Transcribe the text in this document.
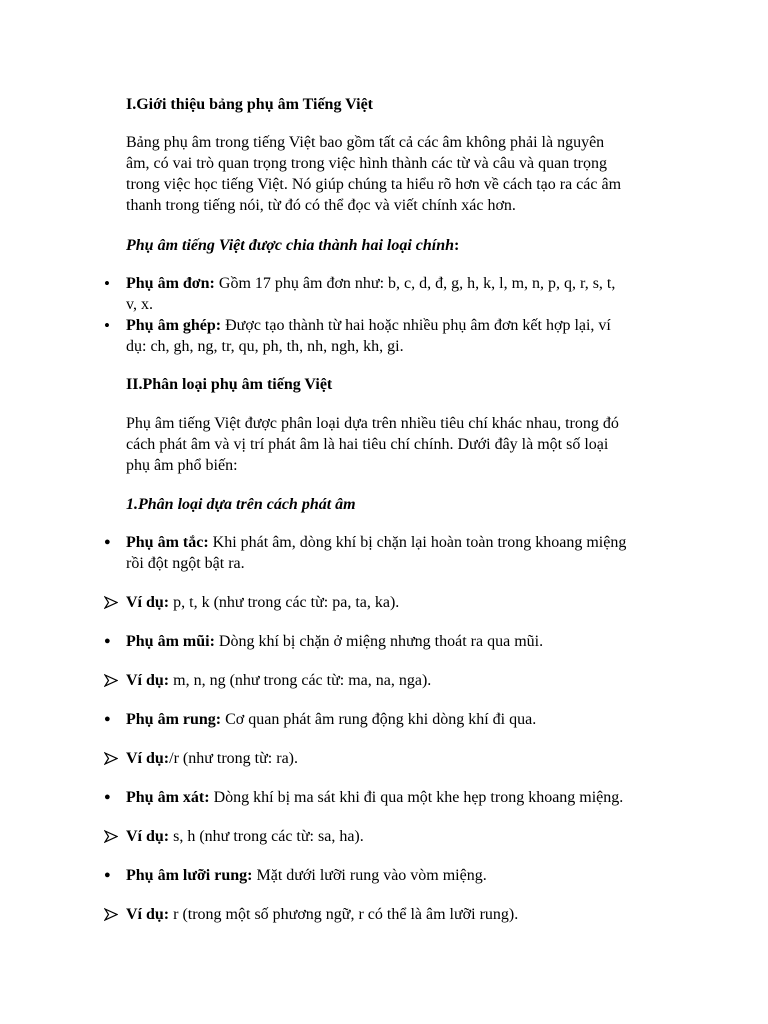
I.Giới thiệu bảng phụ âm Tiếng Việt
Bảng phụ âm trong tiếng Việt bao gồm tất cả các âm không phải là nguyên
âm, có vai trò quan trọng trong việc hình thành các từ và câu và quan trọng
trong việc học tiếng Việt. Nó giúp chúng ta hiểu rõ hơn về cách tạo ra các âm
thanh trong tiếng nói, từ đó có thể đọc và viết chính xác hơn.
Phụ âm tiếng Việt được chia thành hai loại chính:
•	Phụ âm đơn: Gồm 17 phụ âm đơn như: b, c, d, đ, g, h, k, l, m, n, p, q, r, s, t,
v, x.
•	Phụ âm ghép: Được tạo thành từ hai hoặc nhiều phụ âm đơn kết hợp lại, ví
dụ: ch, gh, ng, tr, qu, ph, th, nh, ngh, kh, gi.
II.Phân loại phụ âm tiếng Việt
Phụ âm tiếng Việt được phân loại dựa trên nhiều tiêu chí khác nhau, trong đó
cách phát âm và vị trí phát âm là hai tiêu chí chính. Dưới đây là một số loại
phụ âm phổ biến:
1.Phân loại dựa trên cách phát âm
● Phụ âm tắc: Khi phát âm, dòng khí bị chặn lại hoàn toàn trong khoang miệng
rồi đột ngột bật ra.
Ví dụ: p, t, k (như trong các từ: pa, ta, ka).
● Phụ âm mũi: Dòng khí bị chặn ở miệng nhưng thoát ra qua mũi.
Ví dụ: m, n, ng (như trong các từ: ma, na, nga).
● Phụ âm rung: Cơ quan phát âm rung động khi dòng khí đi qua.
Ví dụ:/r (như trong từ: ra).
● Phụ âm xát: Dòng khí bị ma sát khi đi qua một khe hẹp trong khoang miệng.
Ví dụ: s, h (như trong các từ: sa, ha).
● Phụ âm lưỡi rung: Mặt dưới lưỡi rung vào vòm miệng.
Ví dụ: r (trong một số phương ngữ, r có thể là âm lưỡi rung).
